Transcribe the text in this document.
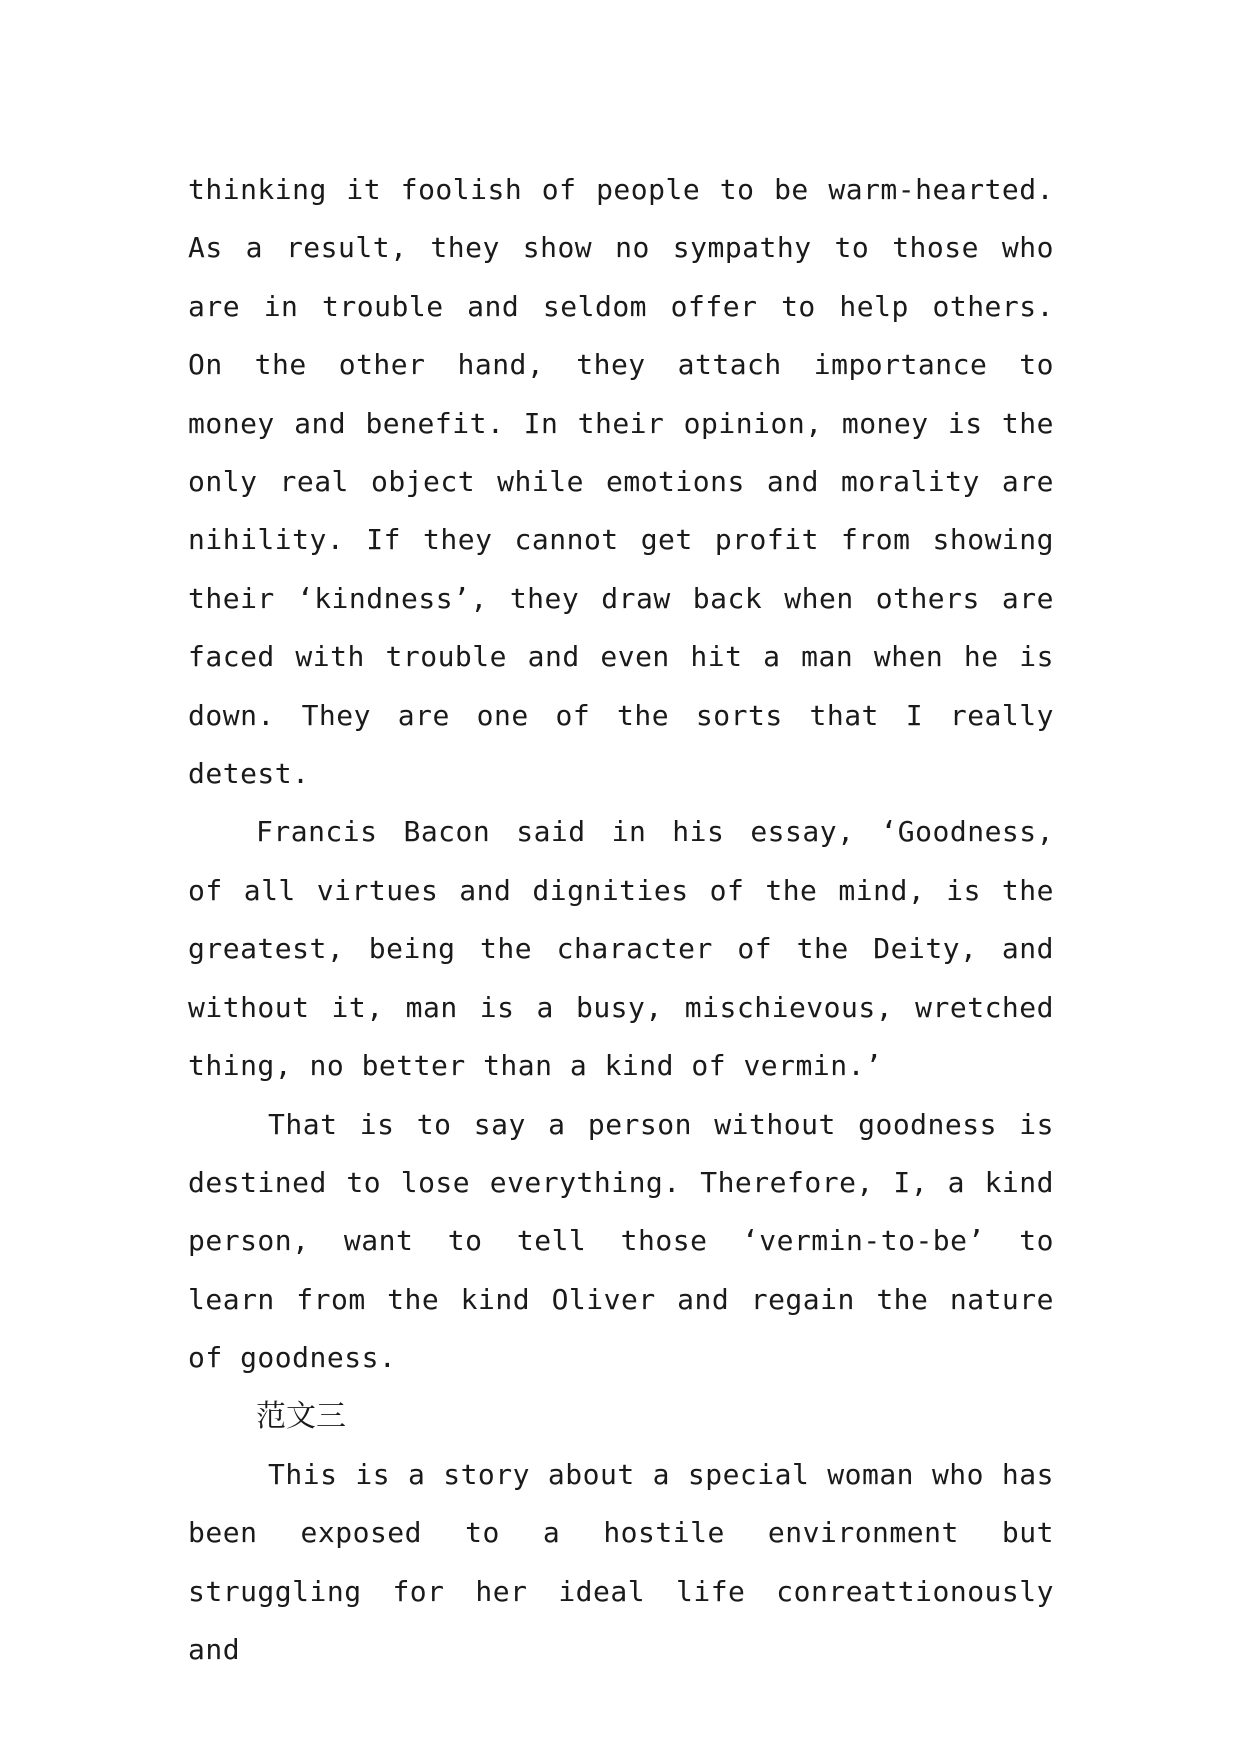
thinking it foolish of people to be warm-hearted. As a result, they show no sympathy to those who are in trouble and seldom offer to help others. On the other hand, they attach importance to money and benefit. In their opinion, money is the only real object while emotions and morality are nihility. If they cannot get profit from showing their ‘kindness’, they draw back when others are faced with trouble and even hit a man when he is down. They are one of the sorts that I really detest.

Francis Bacon said in his essay, ‘Goodness, of all virtues and dignities of the mind, is the greatest, being the character of the Deity, and without it, man is a busy, mischievous, wretched thing, no better than a kind of vermin.’

That is to say a person without goodness is destined to lose everything. Therefore, I, a kind person, want to tell those ‘vermin-to-be’ to learn from the kind Oliver and regain the nature of goodness.

范文三

This is a story about a special woman who has been exposed to a hostile environment but struggling for her ideal life conreattionously and
